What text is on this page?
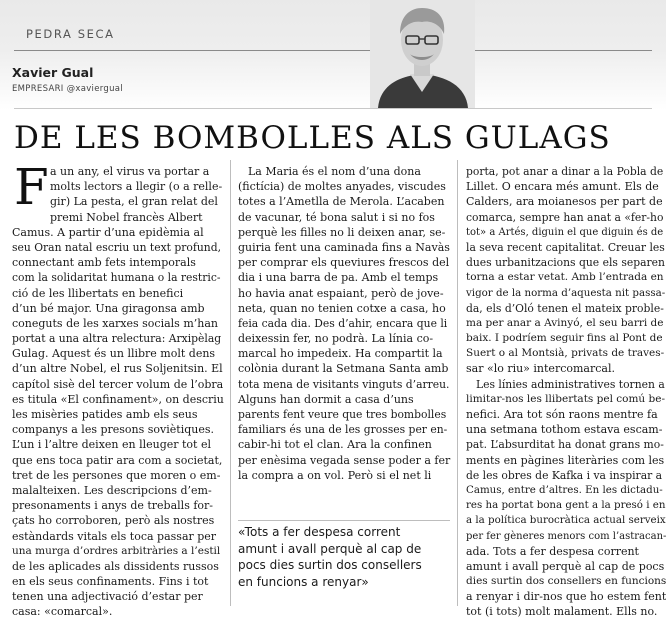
PEDRA SECA
Xavier Gual
EMPRESARI @xaviergual
DE LES BOMBOLLES ALS GULAGS
F a un any, el virus va portar a
molts lectors a llegir (o a relle-
gir) La pesta, el gran relat del
premi Nobel francès Albert
Camus. A partir d’una epidèmia al
seu Oran natal escriu un text profund,
connectant amb fets intemporals
com la solidaritat humana o la restric-
ció de les llibertats en benefici
d’un bé major. Una giragonsa amb
coneguts de les xarxes socials m’han
portat a una altra relectura: Arxipèlag
Gulag. Aquest és un llibre molt dens
d’un altre Nobel, el rus Soljenitsin. El
capítol sisè del tercer volum de l’obra
es titula «El confinament», on descriu
les misèries patides amb els seus
companys a les presons soviètiques.
L’un i l’altre deixen en lleuger tot el
que ens toca patir ara com a societat,
tret de les persones que moren o em-
malalteixen. Les descripcions d’em-
presonaments i anys de treballs for-
çats ho corroboren, però als nostres
estàndards vitals els toca passar per
una murga d’ordres arbitràries a l’estil
de les aplicades als dissidents russos
en els seus confinaments. Fins i tot
tenen una adjectivació d’estar per
casa: «comarcal».
La Maria és el nom d’una dona
(fictícia) de moltes anyades, viscudes
totes a l’Ametlla de Merola. L’acaben
de vacunar, té bona salut i si no fos
perquè les filles no li deixen anar, se-
guiria fent una caminada fins a Navàs
per comprar els queviures frescos del
dia i una barra de pa. Amb el temps
ho havia anat espaiant, però de jove-
neta, quan no tenien cotxe a casa, ho
feia cada dia. Des d’ahir, encara que li
deixessin fer, no podrà. La línia co-
marcal ho impedeix. Ha compartit la
colònia durant la Setmana Santa amb
tota mena de visitants vinguts d’arreu.
Alguns han dormit a casa d’uns
parents fent veure que tres bombolles
familiars és una de les grosses per en-
cabir-hi tot el clan. Ara la confinen
per enèsima vegada sense poder a fer
la compra a on vol. Però si el net li
«Tots a fer despesa corrent
amunt i avall perquè al cap de
pocs dies surtin dos consellers
en funcions a renyar»
porta, pot anar a dinar a la Pobla de
Lillet. O encara més amunt. Els de
Calders, ara moianesos per part de
comarca, sempre han anat a «fer-ho
tot» a Artés, diguin el que diguin és de
la seva recent capitalitat. Creuar les
dues urbanitzacions que els separen
torna a estar vetat. Amb l’entrada en
vigor de la norma d’aquesta nit passa-
da, els d’Oló tenen el mateix proble-
ma per anar a Avinyó, el seu barri de
baix. I podríem seguir fins al Pont de
Suert o al Montsià, privats de traves-
sar «lo riu» intercomarcal.
Les línies administratives tornen a
limitar-nos les llibertats pel comú be-
nefici. Ara tot són raons mentre fa
una setmana tothom estava escam-
pat. L’absurditat ha donat grans mo-
ments en pàgines literàries com les
de les obres de Kafka i va inspirar a
Camus, entre d’altres. En les dictadu-
res ha portat bona gent a la presó i en
a la política burocràtica actual serveix
per fer gèneres menors com l’astracan-
ada. Tots a fer despesa corrent
amunt i avall perquè al cap de pocs
dies surtin dos consellers en funcions
a renyar i dir-nos que ho estem fent
tot (i tots) molt malament. Ells no.
